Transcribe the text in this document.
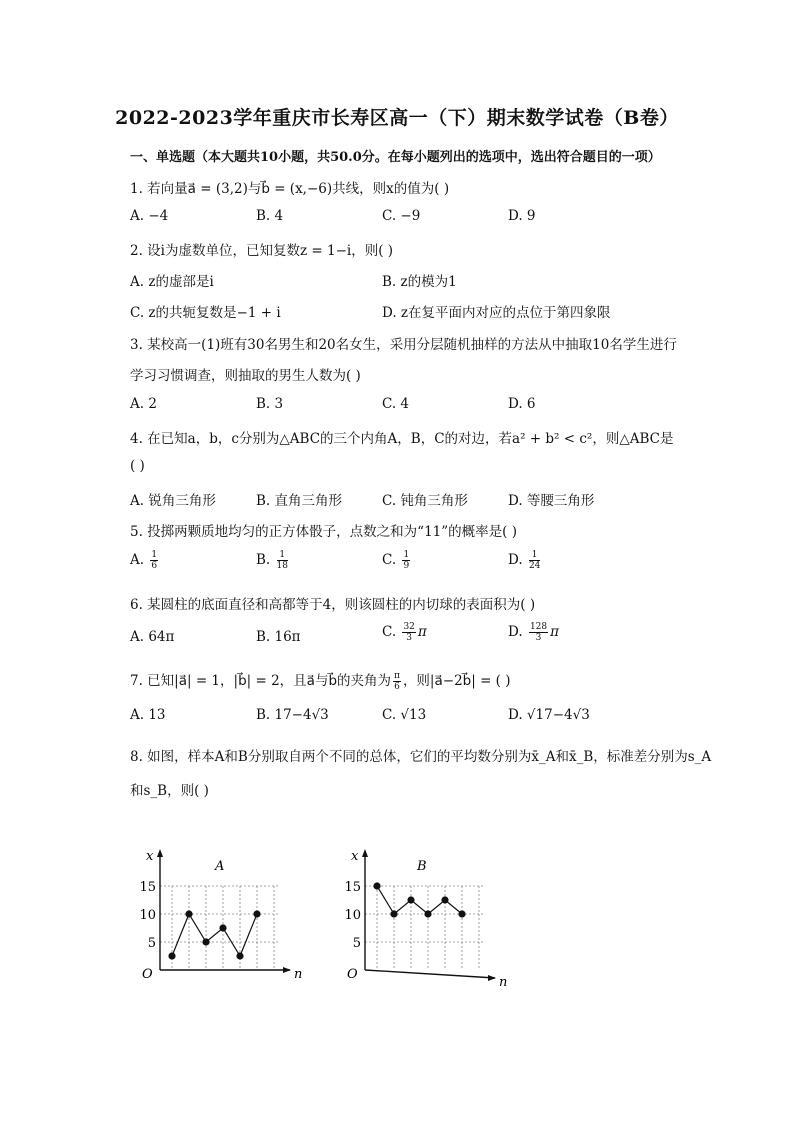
2022-2023学年重庆市长寿区高一（下）期末数学试卷（B卷）
一、单选题（本大题共10小题，共50.0分。在每小题列出的选项中，选出符合题目的一项）
1. 若向量a⃗ = (3,2)与b⃗ = (x,−6)共线，则x的值为( )
A. −4	B. 4	C. −9	D. 9
2. 设i为虚数单位，已知复数z = 1−i，则( )
A. z的虚部是i	B. z的模为1
C. z的共轭复数是−1 + i	D. z在复平面内对应的点位于第四象限
3. 某校高一(1)班有30名男生和20名女生，采用分层随机抽样的方法从中抽取10名学生进行
学习习惯调查，则抽取的男生人数为( )
A. 2	B. 3	C. 4	D. 6
4. 在已知a，b，c分别为△ABC的三个内角A，B，C的对边，若a² + b² < c²，则△ABC是
( )
A. 锐角三角形	B. 直角三角形	C. 钝角三角形	D. 等腰三角形
5. 投掷两颗质地均匀的正方体骰子，点数之和为“11”的概率是( )
A. $\frac{1}{6}$	B. $\frac{1}{18}$	C. $\frac{1}{9}$	D. $\frac{1}{24}$
6. 某圆柱的底面直径和高都等于4，则该圆柱的内切球的表面积为( )
A. 64π	B. 16π	C. $\frac{32}{3}$ π	D. $\frac{128}{3}$ π
7. 已知|a⃗| = 1，|b⃗| = 2，且a⃗与b⃗的夹角为 $\frac{\pi}{6}$ ，则|a⃗−2b⃗| = ( )
A. 13	B. 17−4√3	C. √13	D. √17−4√3
8. 如图，样本A和B分别取自两个不同的总体，它们的平均数分别为x̄_A和x̄_B，标准差分别为s_A
和s_B，则( )
x
n
O
A
15
10
5
x
n
O
B
15
10
5
